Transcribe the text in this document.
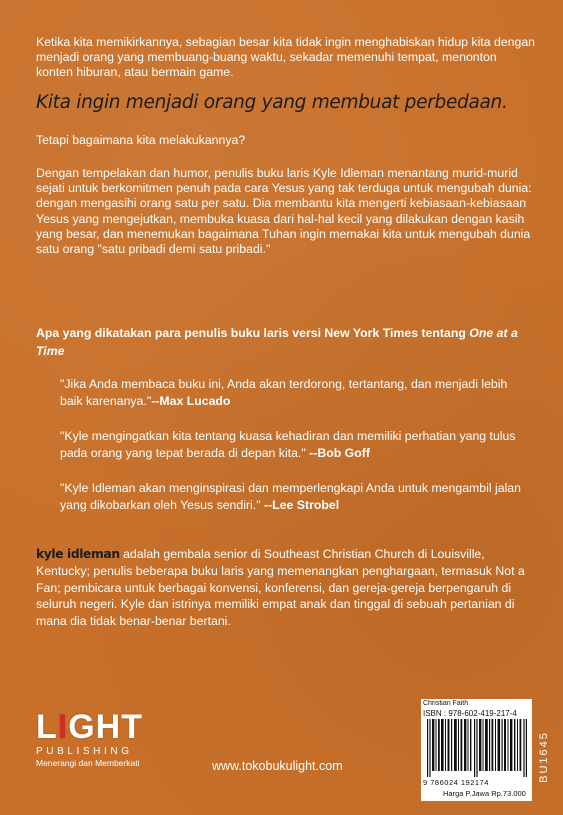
Ketika kita memikirkannya, sebagian besar kita tidak ingin menghabiskan hidup kita dengan menjadi orang yang membuang-buang waktu, sekadar memenuhi tempat, menonton konten hiburan, atau bermain game.

Kita ingin menjadi orang yang membuat perbedaan.

Tetapi bagaimana kita melakukannya?

Dengan tempelakan dan humor, penulis buku laris Kyle Idleman menantang murid-murid sejati untuk berkomitmen penuh pada cara Yesus yang tak terduga untuk mengubah dunia: dengan mengasihi orang satu per satu. Dia membantu kita mengerti kebiasaan-kebiasaan Yesus yang mengejutkan, membuka kuasa dari hal-hal kecil yang dilakukan dengan kasih yang besar, dan menemukan bagaimana Tuhan ingin memakai kita untuk mengubah dunia satu orang "satu pribadi demi satu pribadi."

Apa yang dikatakan para penulis buku laris versi New York Times tentang One at a Time

"Jika Anda membaca buku ini, Anda akan terdorong, tertantang, dan menjadi lebih baik karenanya."--Max Lucado

"Kyle mengingatkan kita tentang kuasa kehadiran dan memiliki perhatian yang tulus pada orang yang tepat berada di depan kita." --Bob Goff

"Kyle Idleman akan menginspirasi dan memperlengkapi Anda untuk mengambil jalan yang dikobarkan oleh Yesus sendiri." --Lee Strobel

kyle idleman adalah gembala senior di Southeast Christian Church di Louisville, Kentucky; penulis beberapa buku laris yang memenangkan penghargaan, termasuk Not a Fan; pembicara untuk berbagai konvensi, konferensi, dan gereja-gereja berpengaruh di seluruh negeri. Kyle dan istrinya memiliki empat anak dan tinggal di sebuah pertanian di mana dia tidak benar-benar bertani.

LIGHT
PUBLISHING
Menerangi dan Memberkati	www.tokobukulight.com
Christian Faith
ISBN : 978-602-419-217-4
9 786024 192174
Harga P.Jawa Rp.73.000
BU1645
